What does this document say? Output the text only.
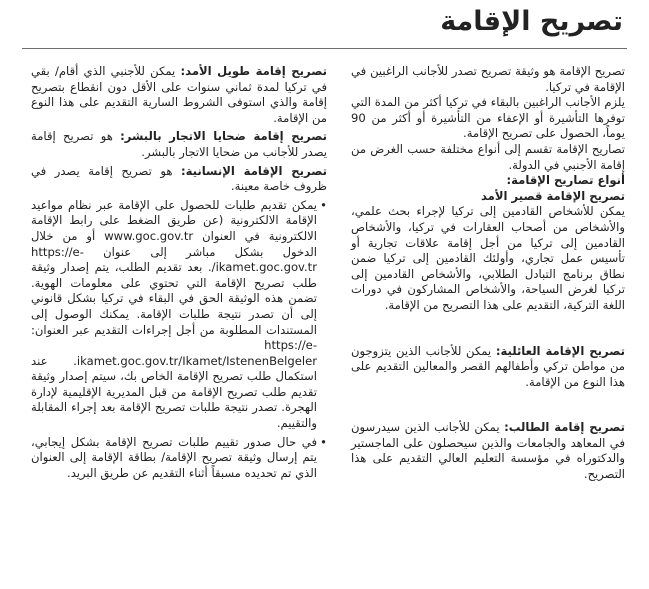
تصريح الإقامة

تصريح الإقامة هو وثيقة تصريح تصدر للأجانب الراغبين في الإقامة في تركيا.

يلزم الأجانب الراغبين بالبقاء في تركيا أكثر من المدة التي توفرها التأشيرة أو الإعفاء من التأشيرة أو أكثر من 90 يوماً، الحصول على تصريح الإقامة.

تصاريح الإقامة تقسم إلى أنواع مختلفة حسب الغرض من إقامة الأجنبي في الدولة.

أنواع تصاريح الإقامة:

تصريح الإقامة قصير الأمد

يمكن للأشخاص القادمين إلى تركيا لإجراء بحث علمي، والأشخاص من أصحاب العقارات في تركيا، والأشخاص القادمين إلى تركيا من أجل إقامة علاقات تجارية أو تأسيس عمل تجاري، وأولئك القادمين إلى تركيا ضمن نطاق برنامج التبادل الطلابي، والأشخاص القادمين إلى تركيا لغرض السياحة، والأشخاص المشاركون في دورات اللغة التركية، التقديم على هذا التصريح من الإقامة.

تصريح الإقامة العائلية: يمكن للأجانب الذين يتزوجون من مواطن تركي وأطفالهم القصر والمعالين التقديم على هذا النوع من الإقامة.

تصريح إقامة الطالب: يمكن للأجانب الذين سيدرسون في المعاهد والجامعات والذين سيحصلون على الماجستير والدكتوراه في مؤسسة التعليم العالي التقديم على هذا التصريح.

تصريح إقامة طويل الأمد: يمكن للأجنبي الذي أقام/ بقي في تركيا لمدة ثماني سنوات على الأقل دون انقطاع بتصريح إقامة والذي استوفى الشروط السارية التقديم على هذا النوع من الإقامة.

تصريح إقامة ضحايا الاتجار بالبشر: هو تصريح إقامة يصدر للأجانب من ضحايا الاتجار بالبشر.

تصريح الإقامة الإنسانية: هو تصريح إقامة يصدر في ظروف خاصة معينة.

• يمكن تقديم طلبات للحصول على الإقامة عبر نظام مواعيد الإقامة الالكترونية (عن طريق الضغط على رابط الإقامة الالكترونية في العنوان www.goc.gov.tr أو من خلال الدخول بشكل مباشر إلى عنوان https://e-ikamet.goc.gov.tr/. بعد تقديم الطلب، يتم إصدار وثيقة طلب تصريح الإقامة التي تحتوي على معلومات الهوية. تضمن هذه الوثيقة الحق في البقاء في تركيا بشكل قانوني إلى أن تصدر نتيجة طلبات الإقامة. يمكنك الوصول إلى المستندات المطلوبة من أجل إجراءات التقديم عبر العنوان: https://e-ikamet.goc.gov.tr/Ikamet/IstenenBelgeler. عند استكمال طلب تصريح الإقامة الخاص بك، سيتم إصدار وثيقة تقديم طلب تصريح الإقامة من قبل المديرية الإقليمية لإدارة الهجرة. تصدر نتيجة طلبات تصريح الإقامة بعد إجراء المقابلة والتقييم.
• في حال صدور تقييم طلبات تصريح الإقامة بشكل إيجابي، يتم إرسال وثيقة تصريح الإقامة/ بطاقة الإقامة إلى العنوان الذي تم تحديده مسبقاً أثناء التقديم عن طريق البريد.
